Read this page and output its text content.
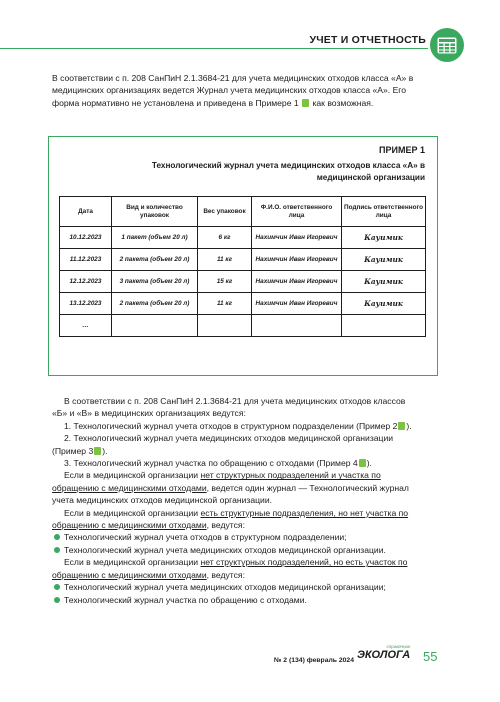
УЧЕТ И ОТЧЕТНОСТЬ

В соответствии с п. 208 СанПиН 2.1.3684-21 для учета медицинских отходов класса «А» в медицинских организациях ведется Журнал учета медицинских отходов класса «А». Его форма нормативно не установлена и приведена в Примере 1  как возможная.

ПРИМЕР 1
Технологический журнал учета медицинских отходов класса «А» в медицинской организации
Дата	Вид и количество упаковок	Вес упаковок	Ф.И.О. ответственного лица	Подпись ответственного лица
10.12.2023	1 пакет (объем 20 л)	6 кг	Нахимчин Иван Игоревич	Кауимик
11.12.2023	2 пакета (объем 20 л)	11 кг	Нахимчин Иван Игоревич	Кауимик
12.12.2023	3 пакета (объем 20 л)	15 кг	Нахимчин Иван Игоревич	Кауимик
13.12.2023	2 пакета (объем 20 л)	11 кг	Нахимчин Иван Игоревич	Кауимик
…				

В соответствии с п. 208 СанПиН 2.1.3684-21 для учета медицинских отходов классов «Б» и «В» в медицинских организациях ведутся:

1. Технологический журнал учета отходов в структурном подразделении (Пример 2 ).

2. Технологический журнал учета медицинских отходов медицинской организации (Пример 3 ).

3. Технологический журнал участка по обращению с отходами (Пример 4 ).

Если в медицинской организации нет структурных подразделений и участка по обращению с медицинскими отходами, ведется один журнал — Технологический журнал учета медицинских отходов медицинской организации.

Если в медицинской организации есть структурные подразделения, но нет участка по обращению с медицинскими отходами, ведутся:

Технологический журнал учета отходов в структурном подразделении;

Технологический журнал учета медицинских отходов медицинской организации.

Если в медицинской организации нет структурных подразделений, но есть участок по обращению с медицинскими отходами, ведутся:

Технологический журнал учета медицинских отходов медицинской организации;

Технологический журнал участка по обращению с отходами.

№ 2 (134) февраль 2024
справочник
ЭКОЛОГА 55
